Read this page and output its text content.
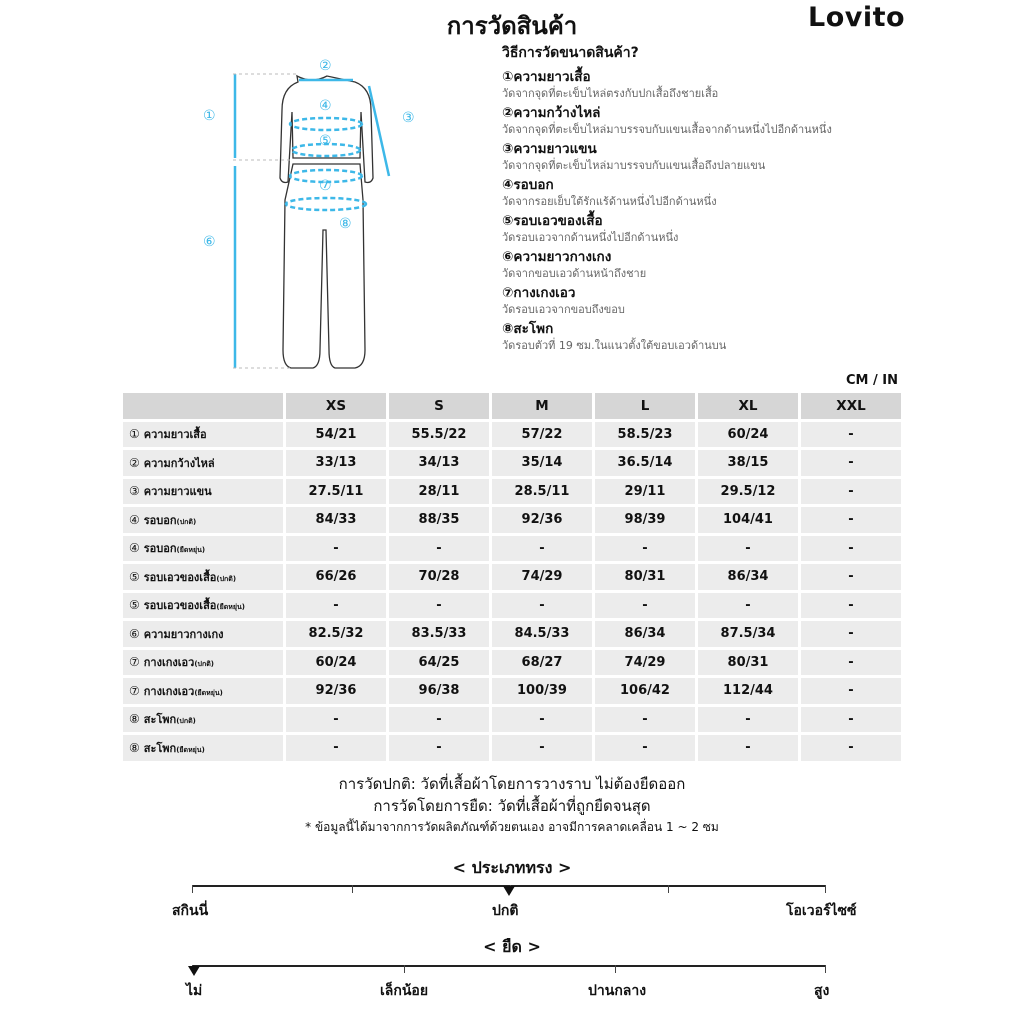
การวัดสินค้า	Lovito
①
②
③
④
⑤
⑥
⑦
⑧
วิธีการวัดขนาดสินค้า?
①ความยาวเสื้อ
วัดจากจุดที่ตะเข็บไหล่ตรงกับปกเสื้อถึงชายเสื้อ
②ความกว้างไหล่
วัดจากจุดที่ตะเข็บไหล่มาบรรจบกับแขนเสื้อจากด้านหนึ่งไปอีกด้านหนึ่ง
③ความยาวแขน
วัดจากจุดที่ตะเข็บไหล่มาบรรจบกับแขนเสื้อถึงปลายแขน
④รอบอก
วัดจากรอยเย็บใต้รักแร้ด้านหนึ่งไปอีกด้านหนึ่ง
⑤รอบเอวของเสื้อ
วัดรอบเอวจากด้านหนึ่งไปอีกด้านหนึ่ง
⑥ความยาวกางเกง
วัดจากขอบเอวด้านหน้าถึงชาย
⑦กางเกงเอว
วัดรอบเอวจากขอบถึงขอบ
⑧สะโพก
วัดรอบตัวที่ 19 ซม.ในแนวตั้งใต้ขอบเอวด้านบน
CM / IN
	XS	S	M	L	XL	XXL
① ความยาวเสื้อ	54/21	55.5/22	57/22	58.5/23	60/24	-
② ความกว้างไหล่	33/13	34/13	35/14	36.5/14	38/15	-
③ ความยาวแขน	27.5/11	28/11	28.5/11	29/11	29.5/12	-
④ รอบอก(ปกติ)	84/33	88/35	92/36	98/39	104/41	-
④ รอบอก(ยืดหยุ่น)	-	-	-	-	-	-
⑤ รอบเอวของเสื้อ(ปกติ)	66/26	70/28	74/29	80/31	86/34	-
⑤ รอบเอวของเสื้อ(ยืดหยุ่น)	-	-	-	-	-	-
⑥ ความยาวกางเกง	82.5/32	83.5/33	84.5/33	86/34	87.5/34	-
⑦ กางเกงเอว(ปกติ)	60/24	64/25	68/27	74/29	80/31	-
⑦ กางเกงเอว(ยืดหยุ่น)	92/36	96/38	100/39	106/42	112/44	-
⑧ สะโพก(ปกติ)	-	-	-	-	-	-
⑧ สะโพก(ยืดหยุ่น)	-	-	-	-	-	-
การวัดปกติ: วัดที่เสื้อผ้าโดยการวางราบ ไม่ต้องยืดออก
การวัดโดยการยืด: วัดที่เสื้อผ้าที่ถูกยืดจนสุด
* ข้อมูลนี้ได้มาจากการวัดผลิตภัณฑ์ด้วยตนเอง อาจมีการคลาดเคลื่อน 1 ~ 2 ซม
< ประเภททรง >
สกินนี่	ปกติ	โอเวอร์ไซซ์
< ยืด >
ไม่	เล็กน้อย	ปานกลาง	สูง
